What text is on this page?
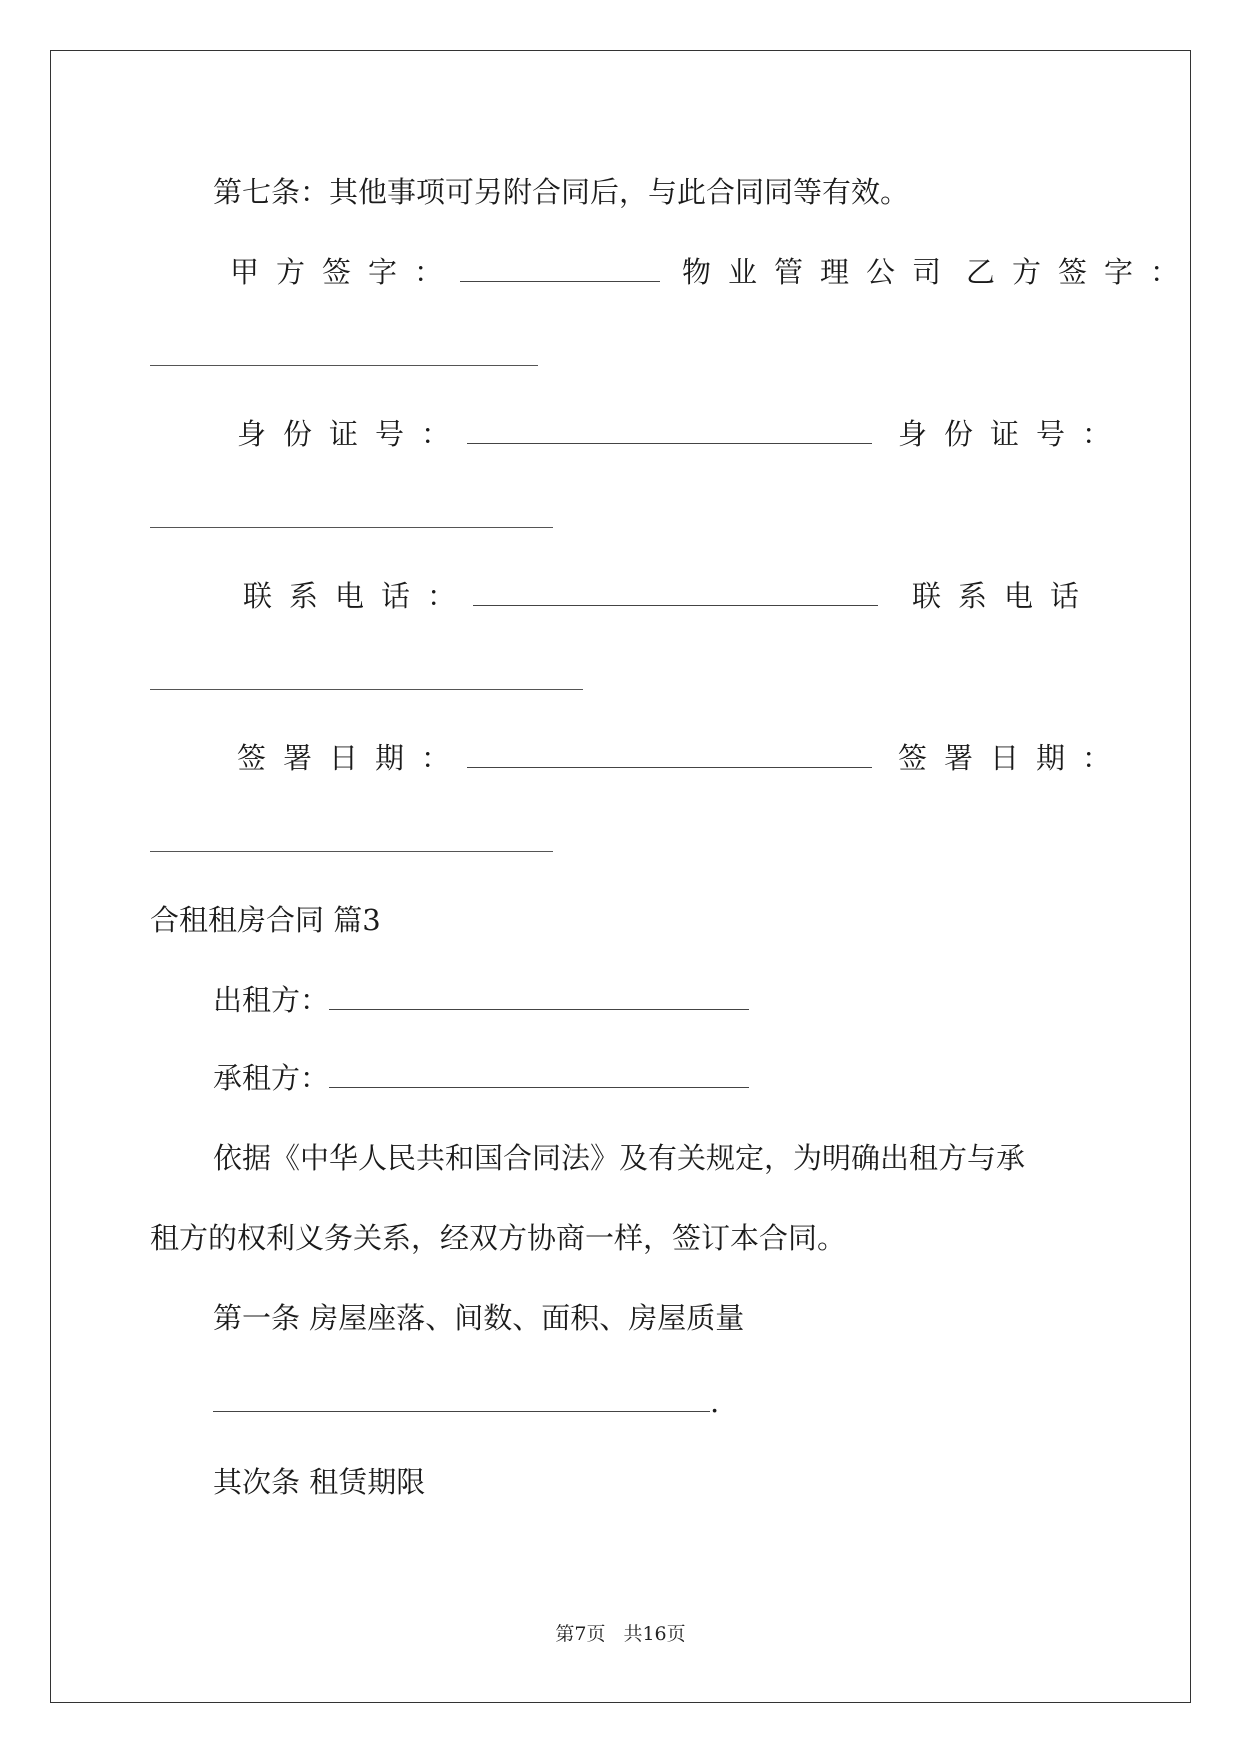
第七条：其他事项可另附合同后，与此合同同等有效。

甲方签字：	物业管理公司 乙方签字：
身份证号：	身份证号：
联系电话：	联系电话
签署日期：	签署日期：

合租租房合同 篇3

出租方：
承租方：

依据《中华人民共和国合同法》及有关规定，为明确出租方与承

租方的权利义务关系，经双方协商一样，签订本合同。

第一条 房屋座落、间数、面积、房屋质量

.

其次条 租赁期限

第7页 共16页
